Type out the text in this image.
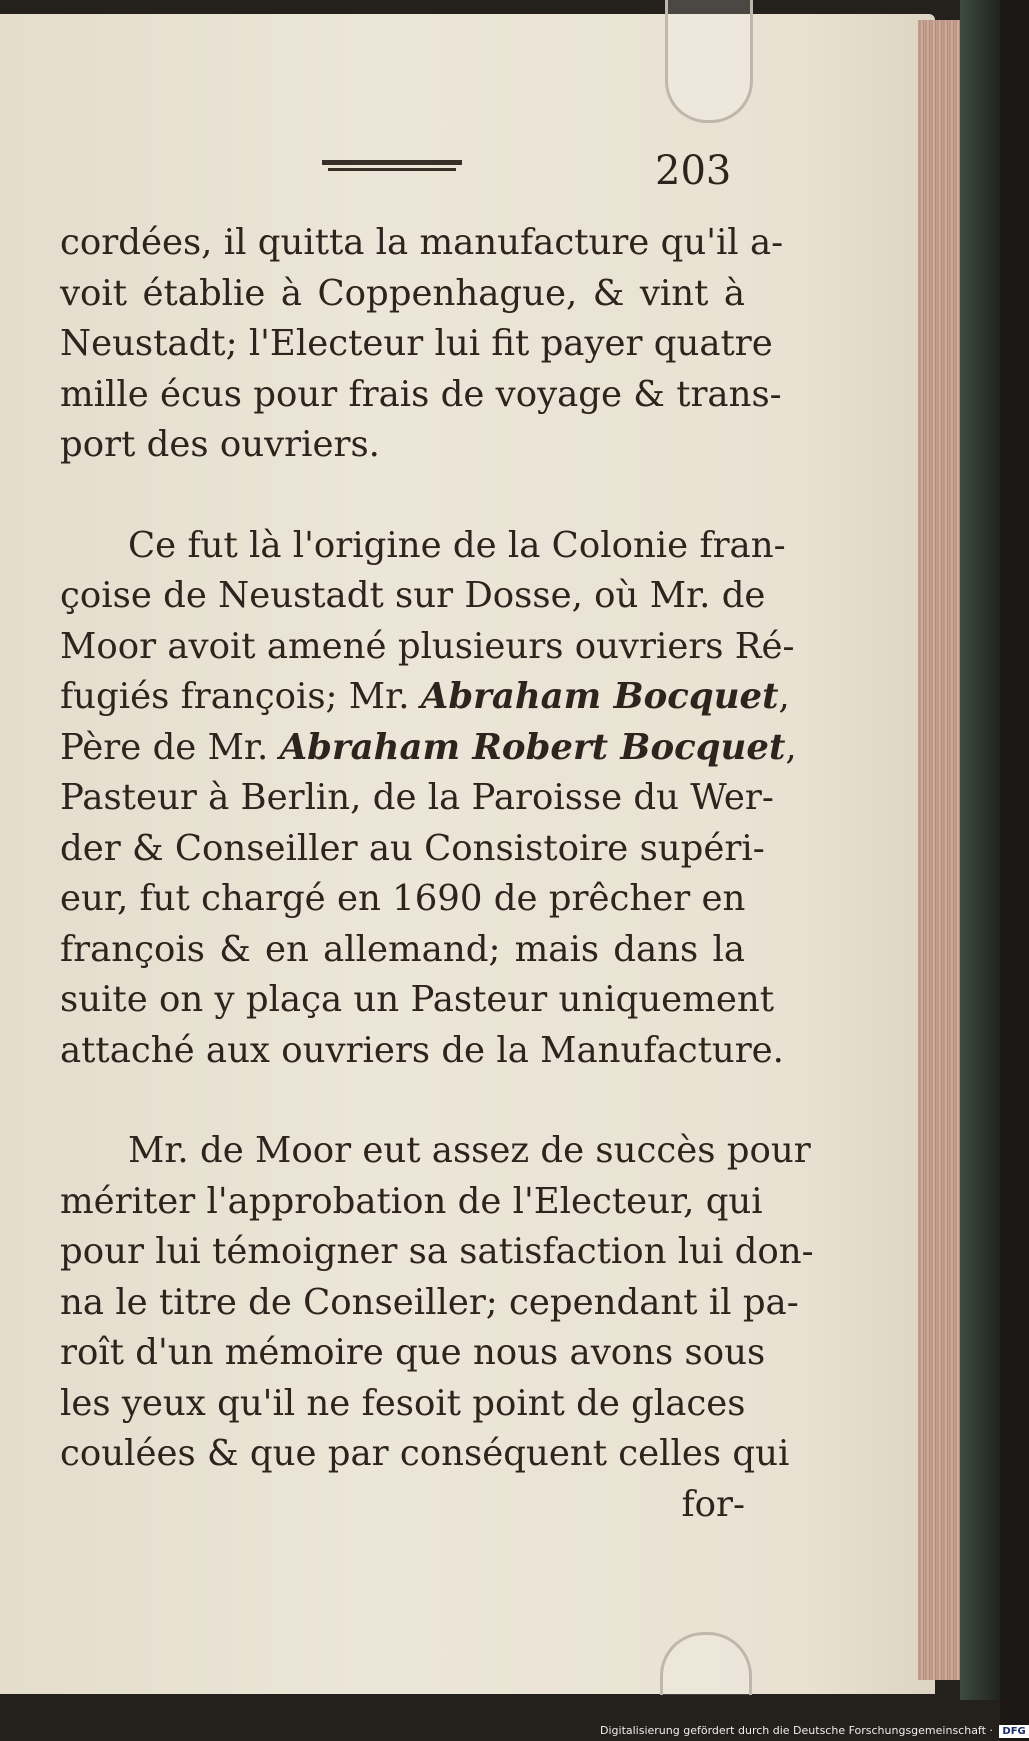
203
cordées, il quitta la manufacture qu'il a-
voit établie à Coppenhague, & vint à
Neustadt; l'Electeur lui fit payer quatre
mille écus pour frais de voyage & trans-
port des ouvriers.
Ce fut là l'origine de la Colonie fran-
çoise de Neustadt sur Dosse, où Mr. de
Moor avoit amené plusieurs ouvriers Ré-
fugiés françois; Mr. Abraham Bocquet
Père de Mr. Abraham Robert Bocquet
Pasteur à Berlin, de la Paroisse du Wer-
der & Conseiller au Consistoire supéri-
eur, fut chargé en 1690 de prêcher en
françois & en allemand; mais dans la
suite on y plaça un Pasteur uniquement
attaché aux ouvriers de la Manufacture.
Mr. de Moor eut assez de succès pour
mériter l'approbation de l'Electeur, qui
pour lui témoigner sa satisfaction lui don-
na le titre de Conseiller; cependant il pa-
roît d'un mémoire que nous avons sous
les yeux qu'il ne fesoit point de glaces
coulées & que par conséquent celles qui
for-
Digitalisierung gefördert durch die Deutsche Forschungsgemeinschaft · DFG
